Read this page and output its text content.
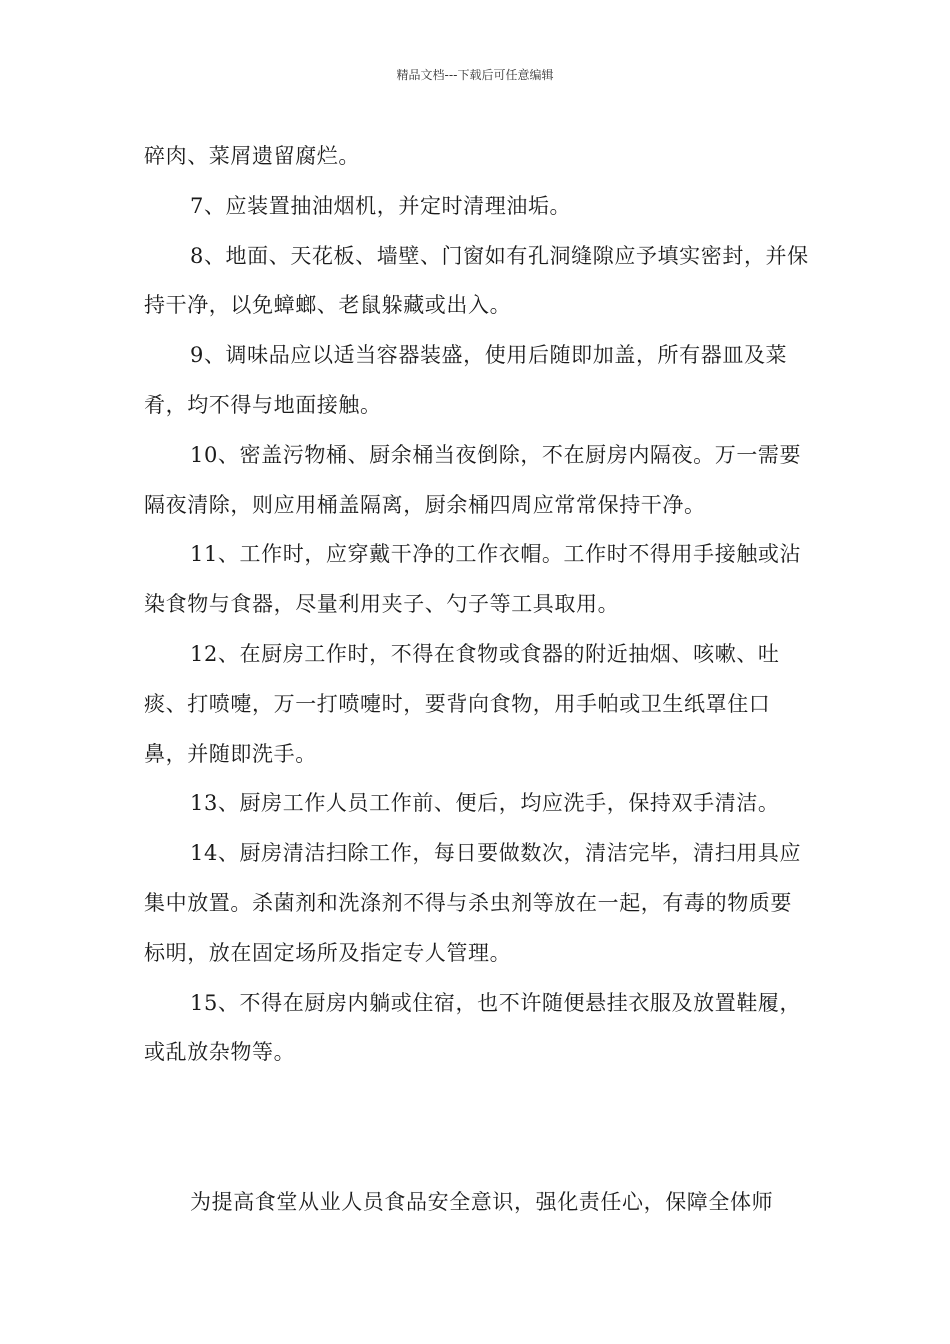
精品文档---下载后可任意编辑

碎肉、菜屑遗留腐烂。

7、应装置抽油烟机，并定时清理油垢。

8、地面、天花板、墙壁、门窗如有孔洞缝隙应予填实密封，并保持干净，以免蟑螂、老鼠躲藏或出入。

9、调味品应以适当容器装盛，使用后随即加盖，所有器皿及菜肴，均不得与地面接触。

10、密盖污物桶、厨余桶当夜倒除，不在厨房内隔夜。万一需要隔夜清除，则应用桶盖隔离，厨余桶四周应常常保持干净。

11、工作时，应穿戴干净的工作衣帽。工作时不得用手接触或沾染食物与食器，尽量利用夹子、勺子等工具取用。

12、在厨房工作时，不得在食物或食器的附近抽烟、咳嗽、吐痰、打喷嚏，万一打喷嚏时，要背向食物，用手帕或卫生纸罩住口鼻，并随即洗手。

13、厨房工作人员工作前、便后，均应洗手，保持双手清洁。

14、厨房清洁扫除工作，每日要做数次，清洁完毕，清扫用具应集中放置。杀菌剂和洗涤剂不得与杀虫剂等放在一起，有毒的物质要标明，放在固定场所及指定专人管理。

15、不得在厨房内躺或住宿，也不许随便悬挂衣服及放置鞋履，或乱放杂物等。

为提高食堂从业人员食品安全意识，强化责任心，保障全体师
